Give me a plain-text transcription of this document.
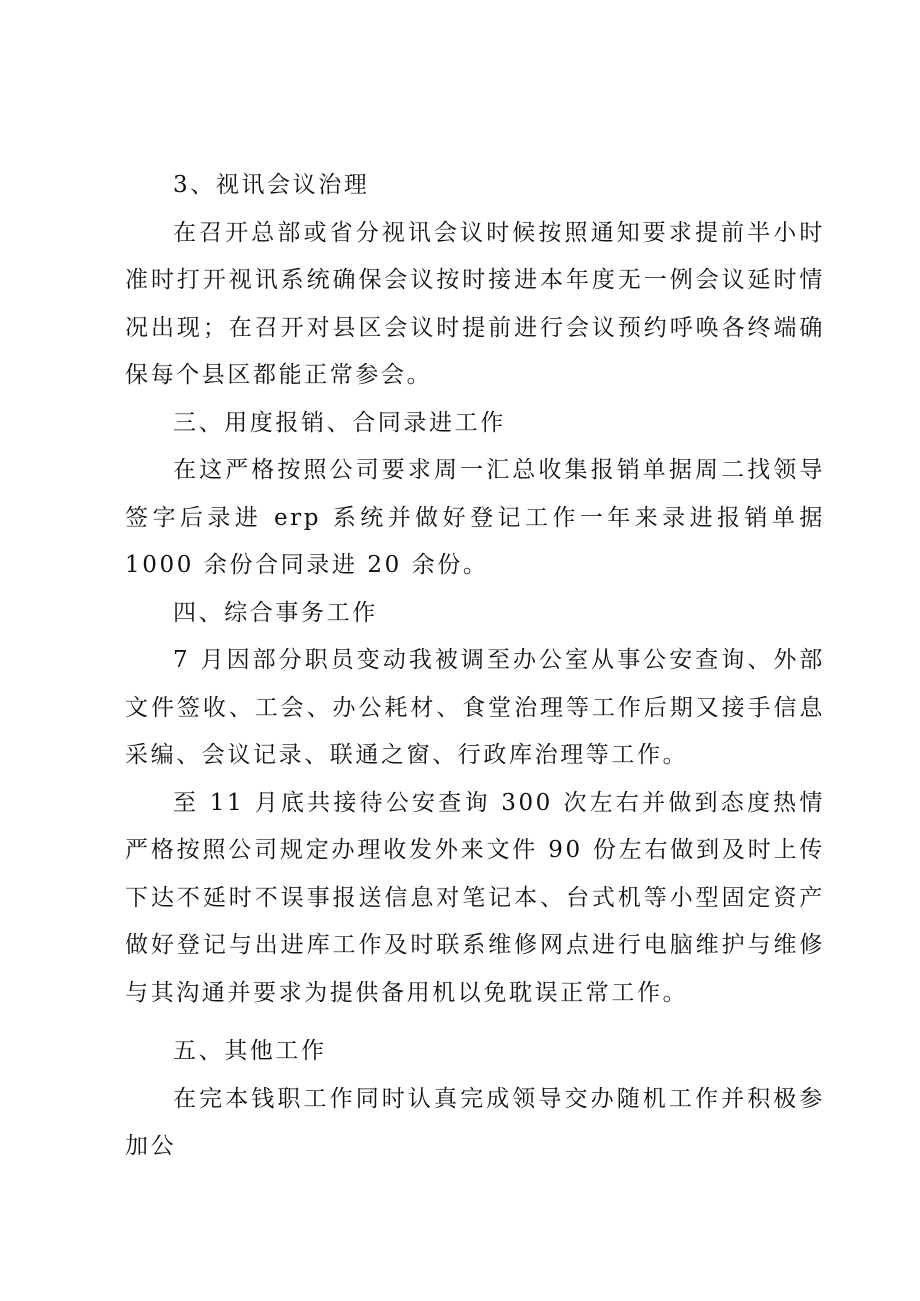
3、视讯会议治理

在召开总部或省分视讯会议时候按照通知要求提前半小时准时打开视讯系统确保会议按时接进本年度无一例会议延时情况出现；在召开对县区会议时提前进行会议预约呼唤各终端确保每个县区都能正常参会。

三、用度报销、合同录进工作

在这严格按照公司要求周一汇总收集报销单据周二找领导签字后录进 erp 系统并做好登记工作一年来录进报销单据 1000 余份合同录进 20 余份。

四、综合事务工作

7 月因部分职员变动我被调至办公室从事公安查询、外部文件签收、工会、办公耗材、食堂治理等工作后期又接手信息采编、会议记录、联通之窗、行政库治理等工作。

至 11 月底共接待公安查询 300 次左右并做到态度热情严格按照公司规定办理收发外来文件 90 份左右做到及时上传下达不延时不误事报送信息对笔记本、台式机等小型固定资产做好登记与出进库工作及时联系维修网点进行电脑维护与维修与其沟通并要求为提供备用机以免耽误正常工作。

五、其他工作

在完本钱职工作同时认真完成领导交办随机工作并积极参加公
